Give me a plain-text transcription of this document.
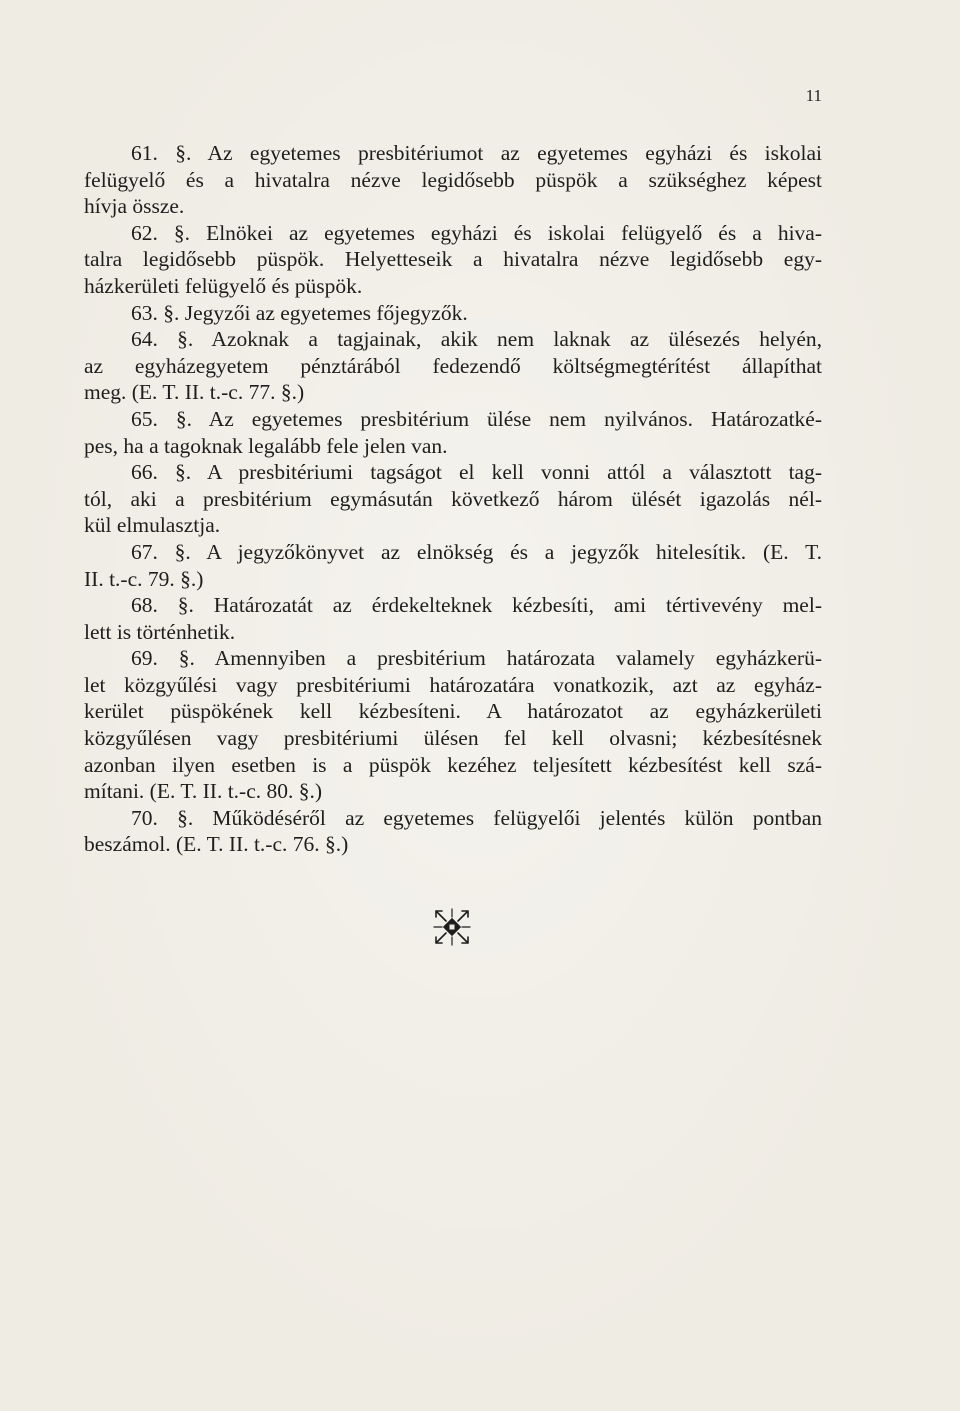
11
61. §. Az egyetemes presbitériumot az egyetemes egyházi és iskolai
felügyelő és a hivatalra nézve legidősebb püspök a szükséghez képest
hívja össze.
62. §. Elnökei az egyetemes egyházi és iskolai felügyelő és a hiva-
talra legidősebb püspök. Helyetteseik a hivatalra nézve legidősebb egy-
házkerületi felügyelő és püspök.
63. §. Jegyzői az egyetemes főjegyzők.
64. §. Azoknak a tagjainak, akik nem laknak az ülésezés helyén,
az egyházegyetem pénztárából fedezendő költségmegtérítést állapíthat
meg. (E. T. II. t.-c. 77. §.)
65. §. Az egyetemes presbitérium ülése nem nyilvános. Határozatké-
pes, ha a tagoknak legalább fele jelen van.
66. §. A presbitériumi tagságot el kell vonni attól a választott tag-
tól, aki a presbitérium egymásután következő három ülését igazolás nél-
kül elmulasztja.
67. §. A jegyzőkönyvet az elnökség és a jegyzők hitelesítik. (E. T.
II. t.-c. 79. §.)
68. §. Határozatát az érdekelteknek kézbesíti, ami tértivevény mel-
lett is történhetik.
69. §. Amennyiben a presbitérium határozata valamely egyházkerü-
let közgyűlési vagy presbitériumi határozatára vonatkozik, azt az egyház-
kerület püspökének kell kézbesíteni. A határozatot az egyházkerületi
közgyűlésen vagy presbitériumi ülésen fel kell olvasni; kézbesítésnek
azonban ilyen esetben is a püspök kezéhez teljesített kézbesítést kell szá-
mítani. (E. T. II. t.-c. 80. §.)
70. §. Működéséről az egyetemes felügyelői jelentés külön pontban
beszámol. (E. T. II. t.-c. 76. §.)
